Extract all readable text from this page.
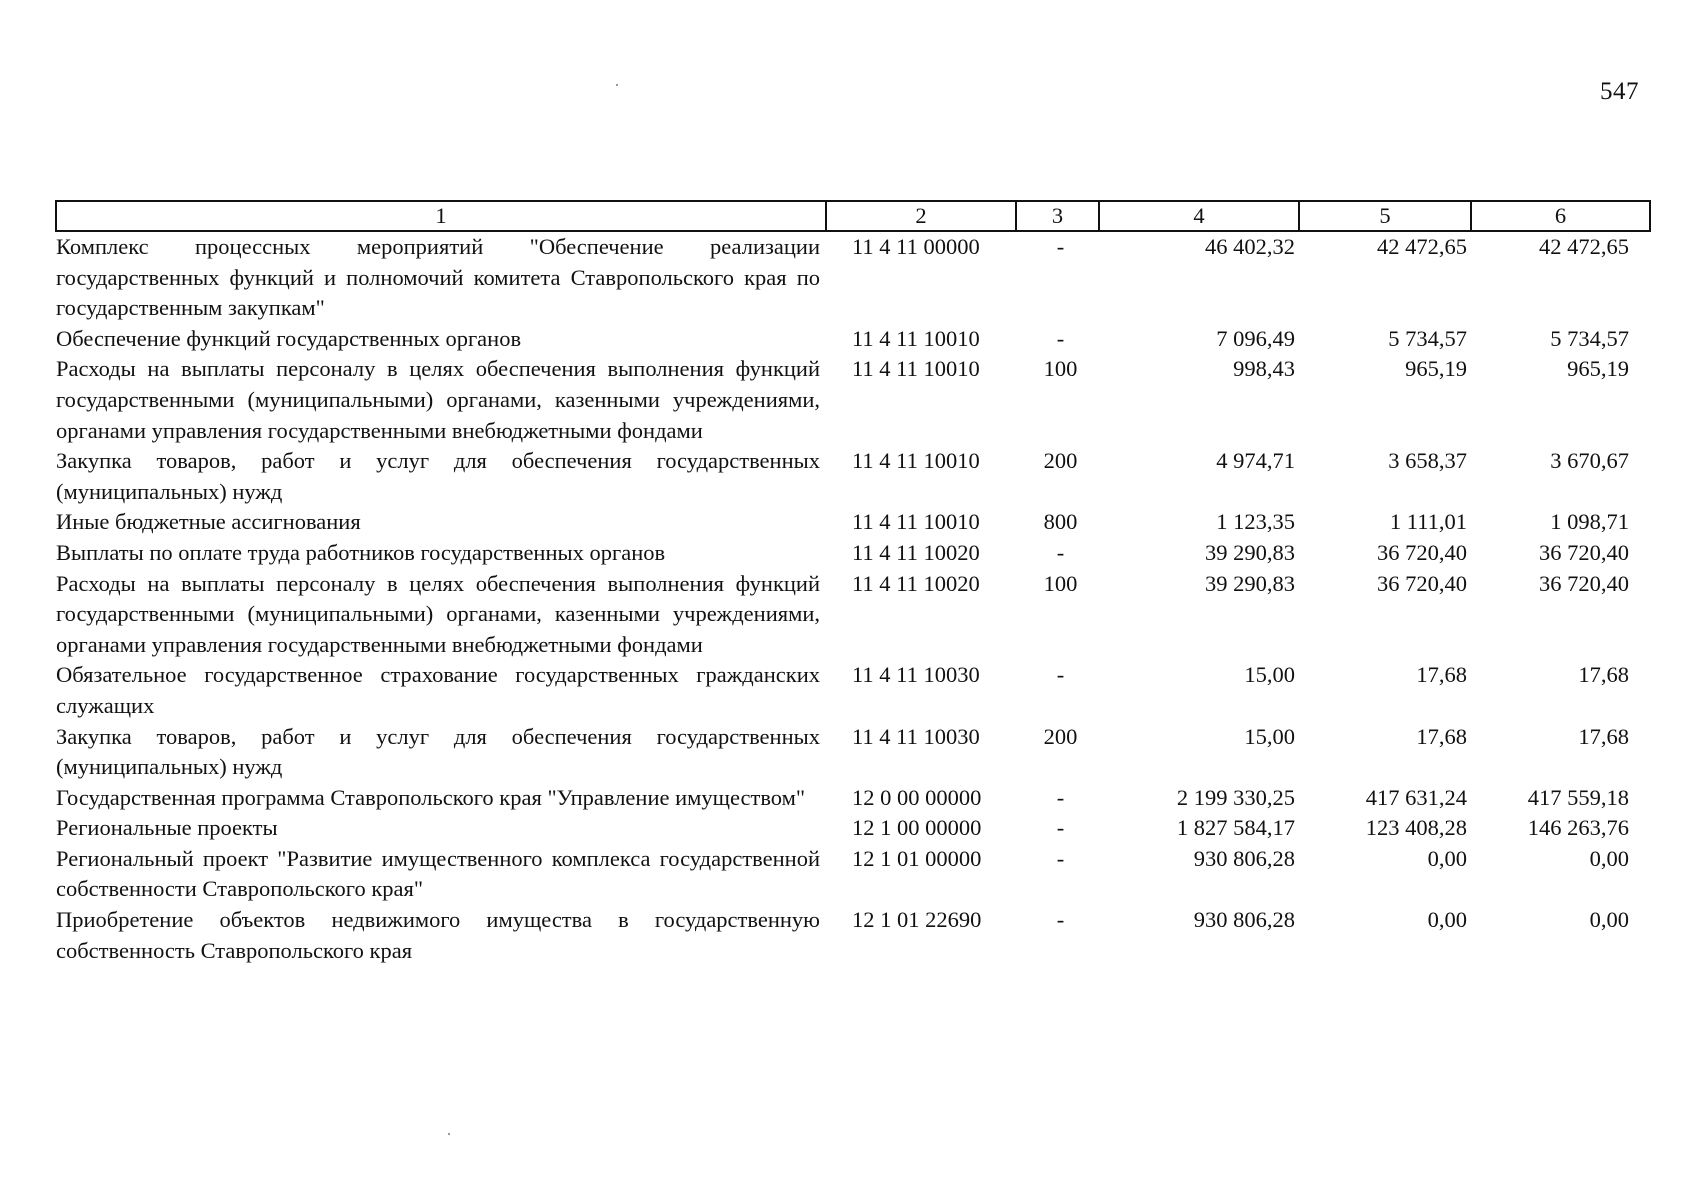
547
1	2	3	4	5	6
Комплекс процессных мероприятий "Обеспечение реализации государственных функций и полномочий комитета Ставропольского края по государственным закупкам"	11 4 11 00000	-	46 402,32	42 472,65	42 472,65
Обеспечение функций государственных органов	11 4 11 10010	-	7 096,49	5 734,57	5 734,57
Расходы на выплаты персоналу в целях обеспечения выполнения функций государственными (муниципальными) органами, казенными учреждениями, органами управления государственными внебюджетными фондами	11 4 11 10010	100	998,43	965,19	965,19
Закупка товаров, работ и услуг для обеспечения государственных (муниципальных) нужд	11 4 11 10010	200	4 974,71	3 658,37	3 670,67
Иные бюджетные ассигнования	11 4 11 10010	800	1 123,35	1 111,01	1 098,71
Выплаты по оплате труда работников государственных органов	11 4 11 10020	-	39 290,83	36 720,40	36 720,40
Расходы на выплаты персоналу в целях обеспечения выполнения функций государственными (муниципальными) органами, казенными учреждениями, органами управления государственными внебюджетными фондами	11 4 11 10020	100	39 290,83	36 720,40	36 720,40
Обязательное государственное страхование государственных гражданских служащих	11 4 11 10030	-	15,00	17,68	17,68
Закупка товаров, работ и услуг для обеспечения государственных (муниципальных) нужд	11 4 11 10030	200	15,00	17,68	17,68
Государственная программа Ставропольского края "Управление имуществом"	12 0 00 00000	-	2 199 330,25	417 631,24	417 559,18
Региональные проекты	12 1 00 00000	-	1 827 584,17	123 408,28	146 263,76
Региональный проект "Развитие имущественного комплекса государственной собственности Ставропольского края"	12 1 01 00000	-	930 806,28	0,00	0,00
Приобретение объектов недвижимого имущества в государственную собственность Ставропольского края	12 1 01 22690	-	930 806,28	0,00	0,00
